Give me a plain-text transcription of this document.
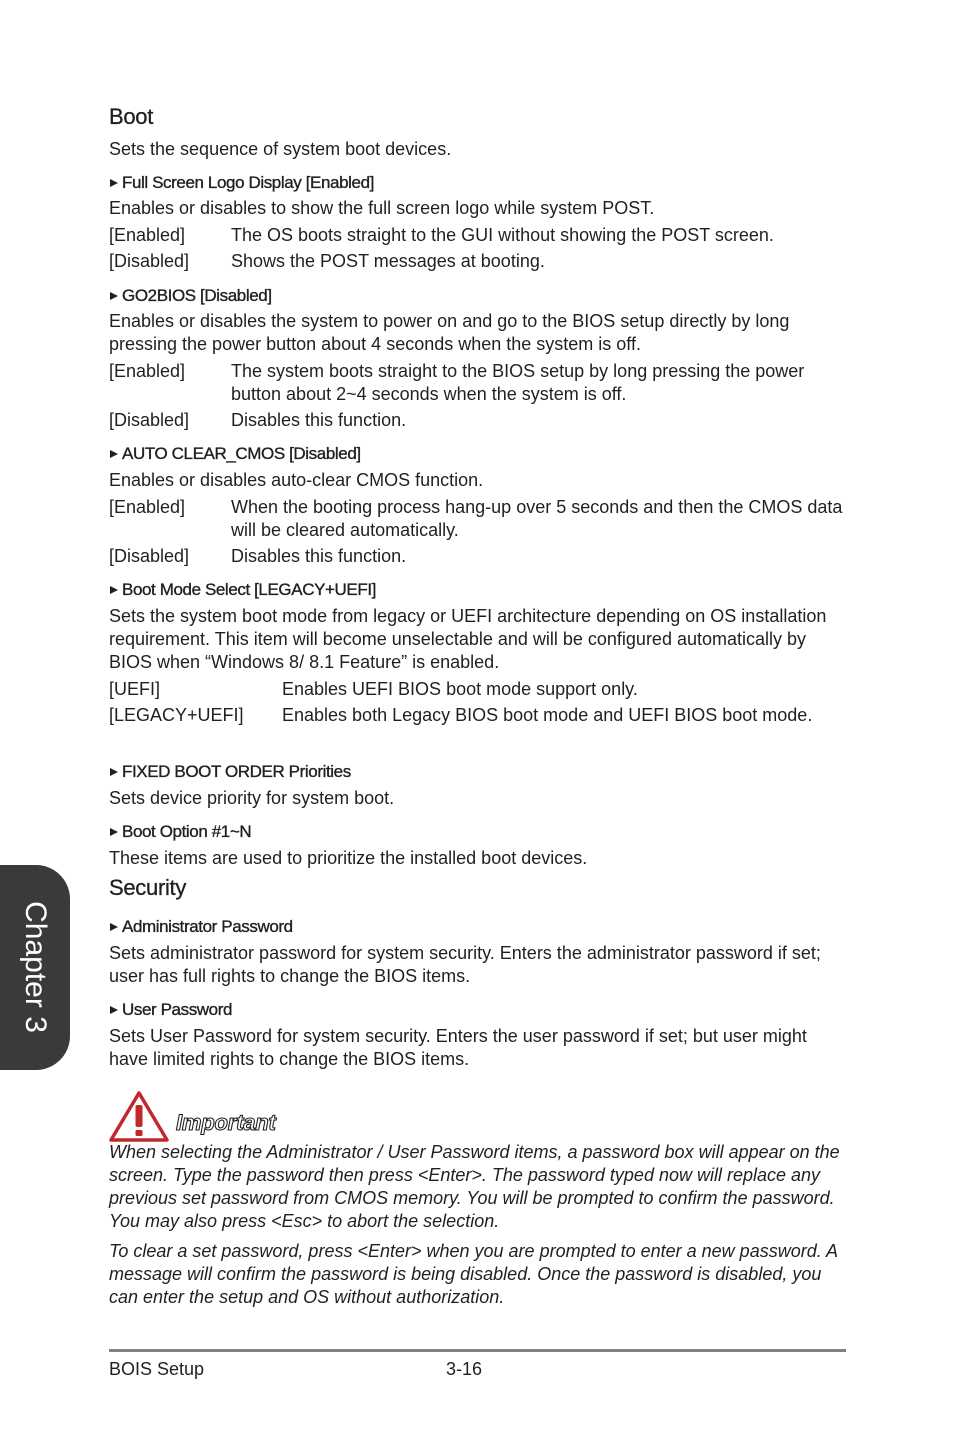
Boot
Sets the sequence of system boot devices.
Full Screen Logo Display [Enabled]
Enables or disables to show the full screen logo while system POST.
[Enabled]	The OS boots straight to the GUI without showing the POST screen.
[Disabled] Shows the POST messages at booting.
GO2BIOS [Disabled]
Enables or disables the system to power on and go to the BIOS setup directly by long pressing the power button about 4 seconds when the system is off.
[Enabled]	The system boots straight to the BIOS setup by long pressing the power button about 2~4 seconds when the system is off.
[Disabled] Disables this function.
AUTO CLEAR_CMOS [Disabled]
Enables or disables auto-clear CMOS function.
[Enabled]	When the booting process hang-up over 5 seconds and then the CMOS data will be cleared automatically.
[Disabled] Disables this function.
Boot Mode Select [LEGACY+UEFI]
Sets the system boot mode from legacy or UEFI architecture depending on OS installation requirement. This item will become unselectable and will be configured automatically by BIOS when “Windows 8/ 8.1 Feature” is enabled.
[UEFI]	Enables UEFI BIOS boot mode support only.
[LEGACY+UEFI] Enables both Legacy BIOS boot mode and UEFI BIOS boot mode.
FIXED BOOT ORDER Priorities
Sets device priority for system boot.
Boot Option #1~N
These items are used to prioritize the installed boot devices.
Security
Administrator Password
Sets administrator password for system security. Enters the administrator password if set; user has full rights to change the BIOS items.
User Password
Sets User Password for system security. Enters the user password if set; but user might have limited rights to change the BIOS items.
Important
When selecting the Administrator / User Password items, a password box will appear on the screen. Type the password then press <Enter>. The password typed now will replace any previous set password from CMOS memory. You will be prompted to confirm the password. You may also press <Esc> to abort the selection.
To clear a set password, press <Enter> when you are prompted to enter a new password. A message will confirm the password is being disabled. Once the password is disabled, you can enter the setup and OS without authorization.
Chapter 3
BOIS Setup	3-16
